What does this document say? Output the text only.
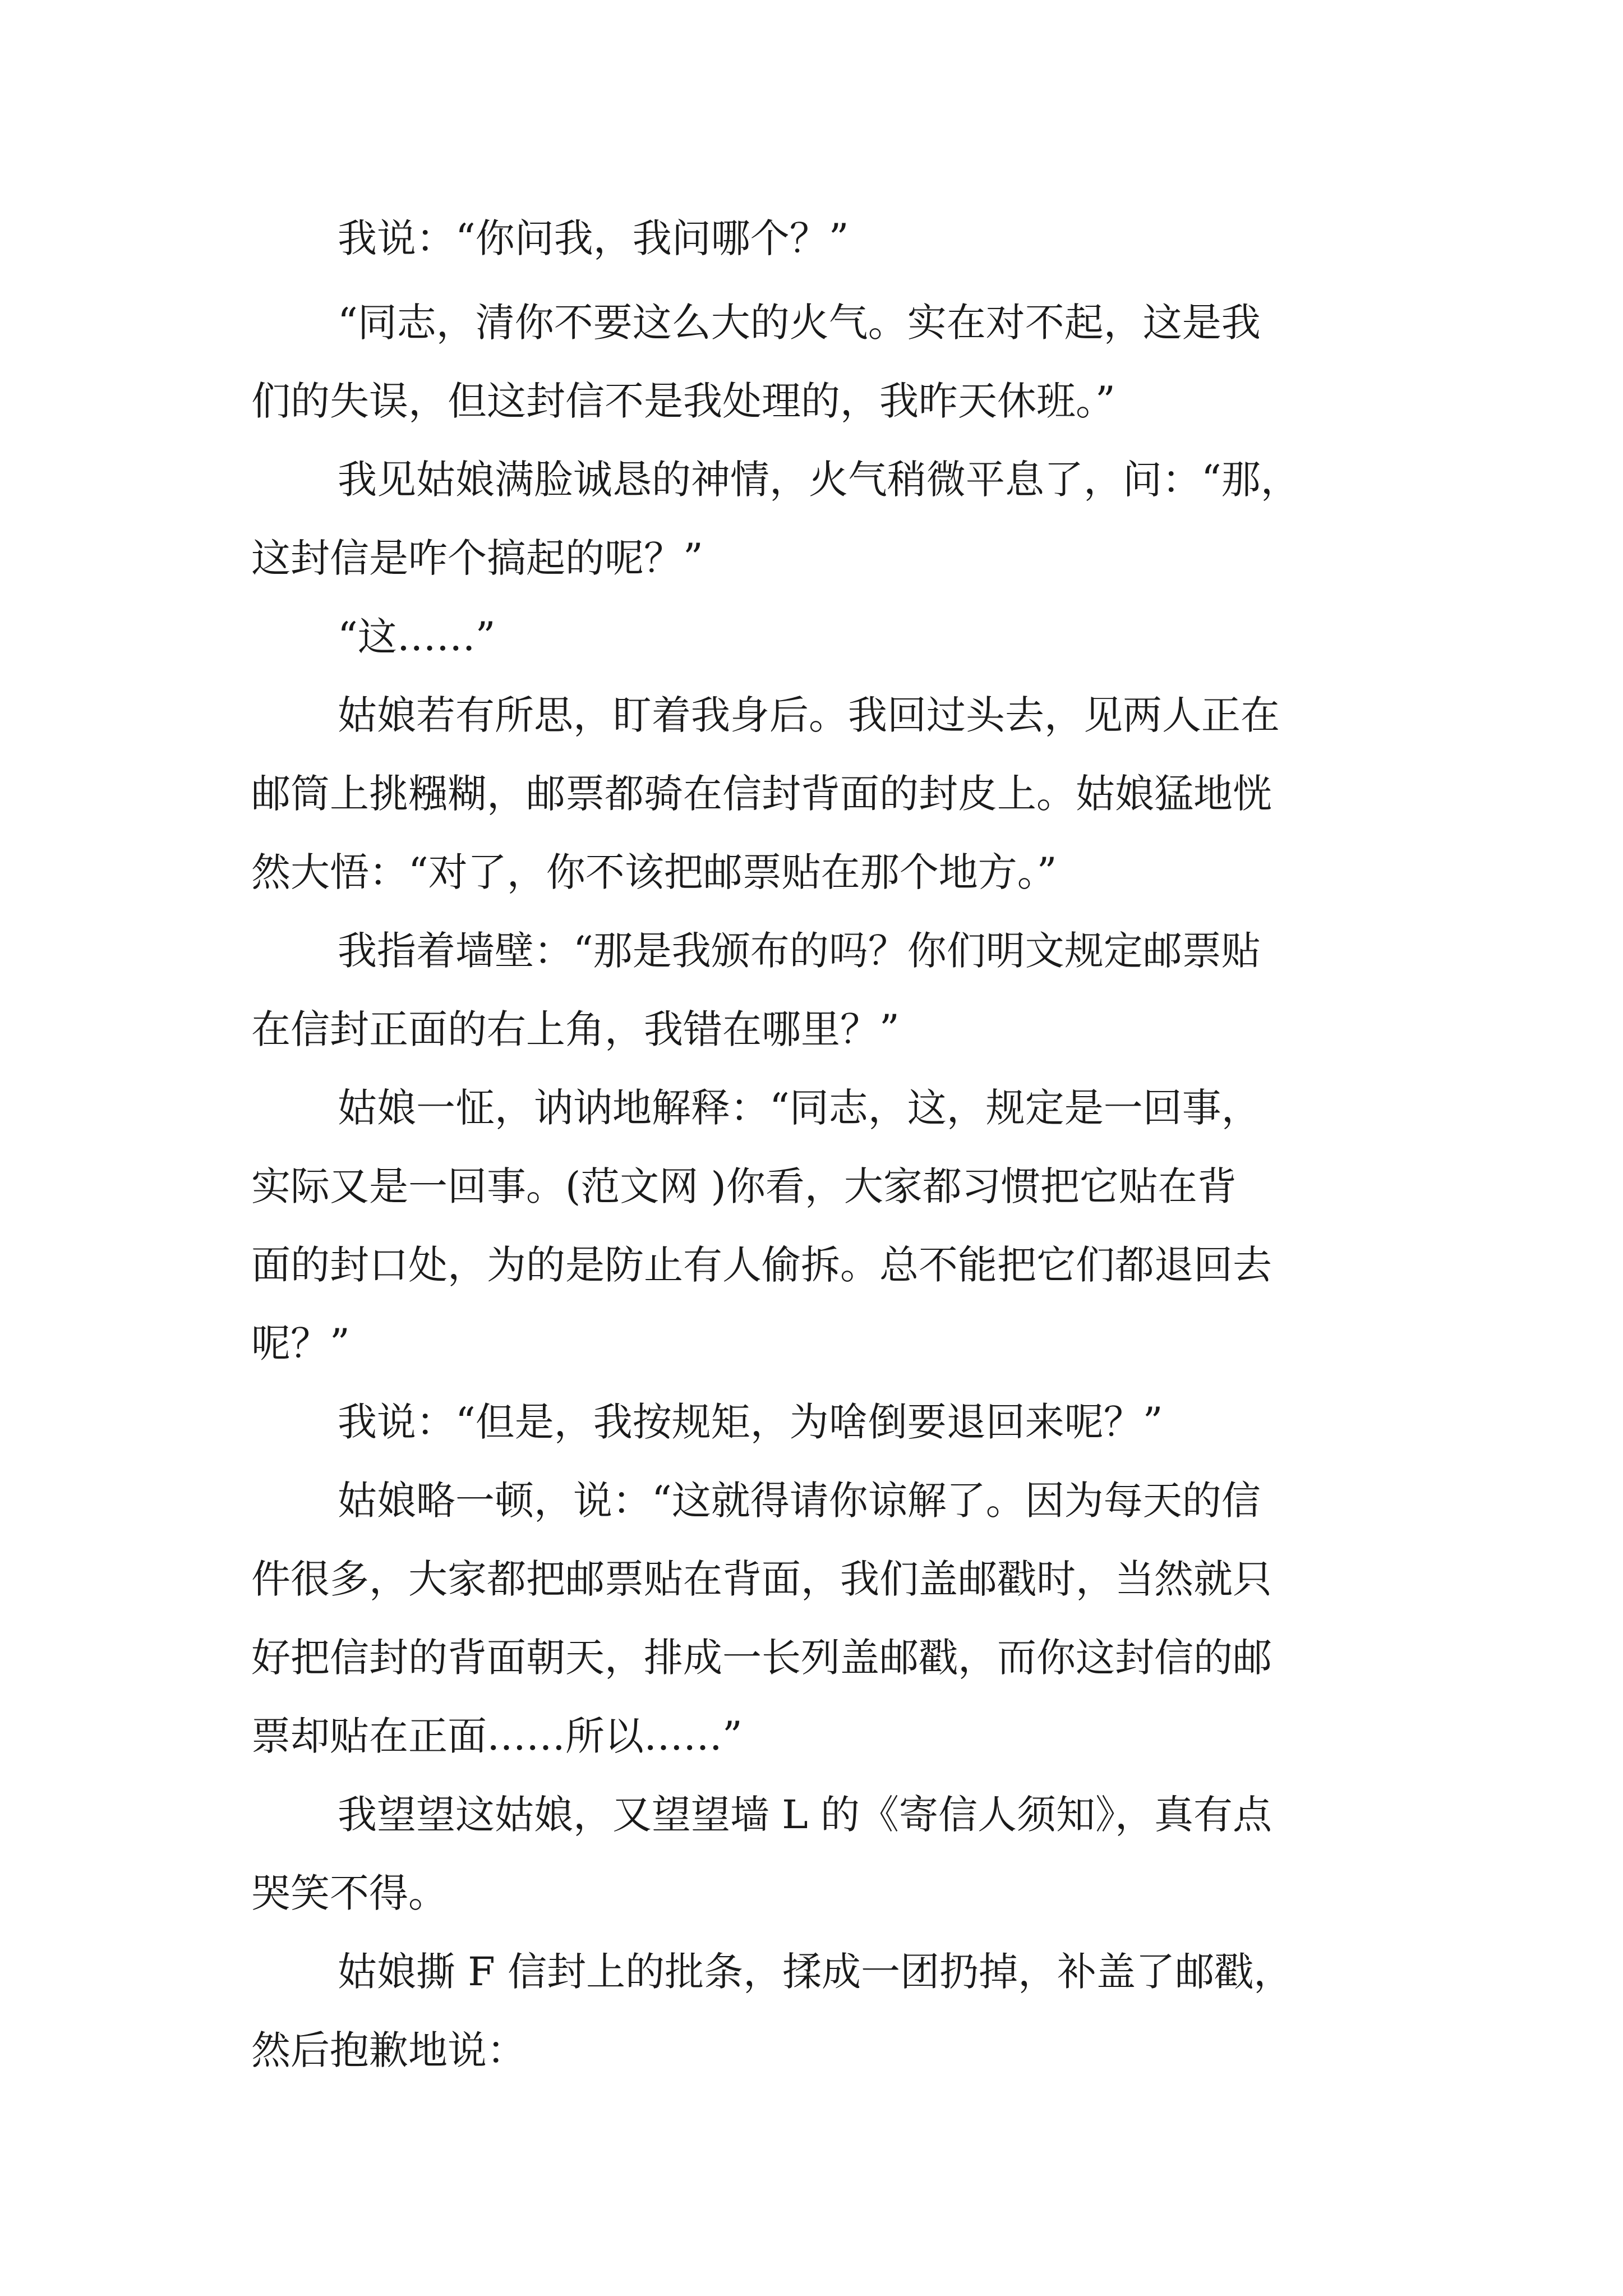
我说：“你问我，我问哪个？”

“同志，清你不要这么大的火气。实在对不起，这是我

们的失误，但这封信不是我处理的，我昨天休班。”

我见姑娘满脸诚恳的神情，火气稍微平息了，问：“那，

这封信是咋个搞起的呢？”

“这……”

姑娘若有所思，盯着我身后。我回过头去，见两人正在

邮筒上挑糨糊，邮票都骑在信封背面的封皮上。姑娘猛地恍

然大悟：“对了，你不该把邮票贴在那个地方。”

我指着墙壁：“那是我颁布的吗？你们明文规定邮票贴

在信封正面的右上角，我错在哪里？”

姑娘一怔，讷讷地解释：“同志，这，规定是一回事，

实际又是一回事。(范文网 )你看，大家都习惯把它贴在背

面的封口处，为的是防止有人偷拆。总不能把它们都退回去

呢？”

我说：“但是，我按规矩，为啥倒要退回来呢？”

姑娘略一顿，说：“这就得请你谅解了。因为每天的信

件很多，大家都把邮票贴在背面，我们盖邮戳时，当然就只

好把信封的背面朝天，排成一长列盖邮戳，而你这封信的邮

票却贴在正面……所以……”

我望望这姑娘，又望望墙 L 的《寄信人须知》，真有点

哭笑不得。

姑娘撕 F 信封上的批条，揉成一团扔掉，补盖了邮戳，

然后抱歉地说：
